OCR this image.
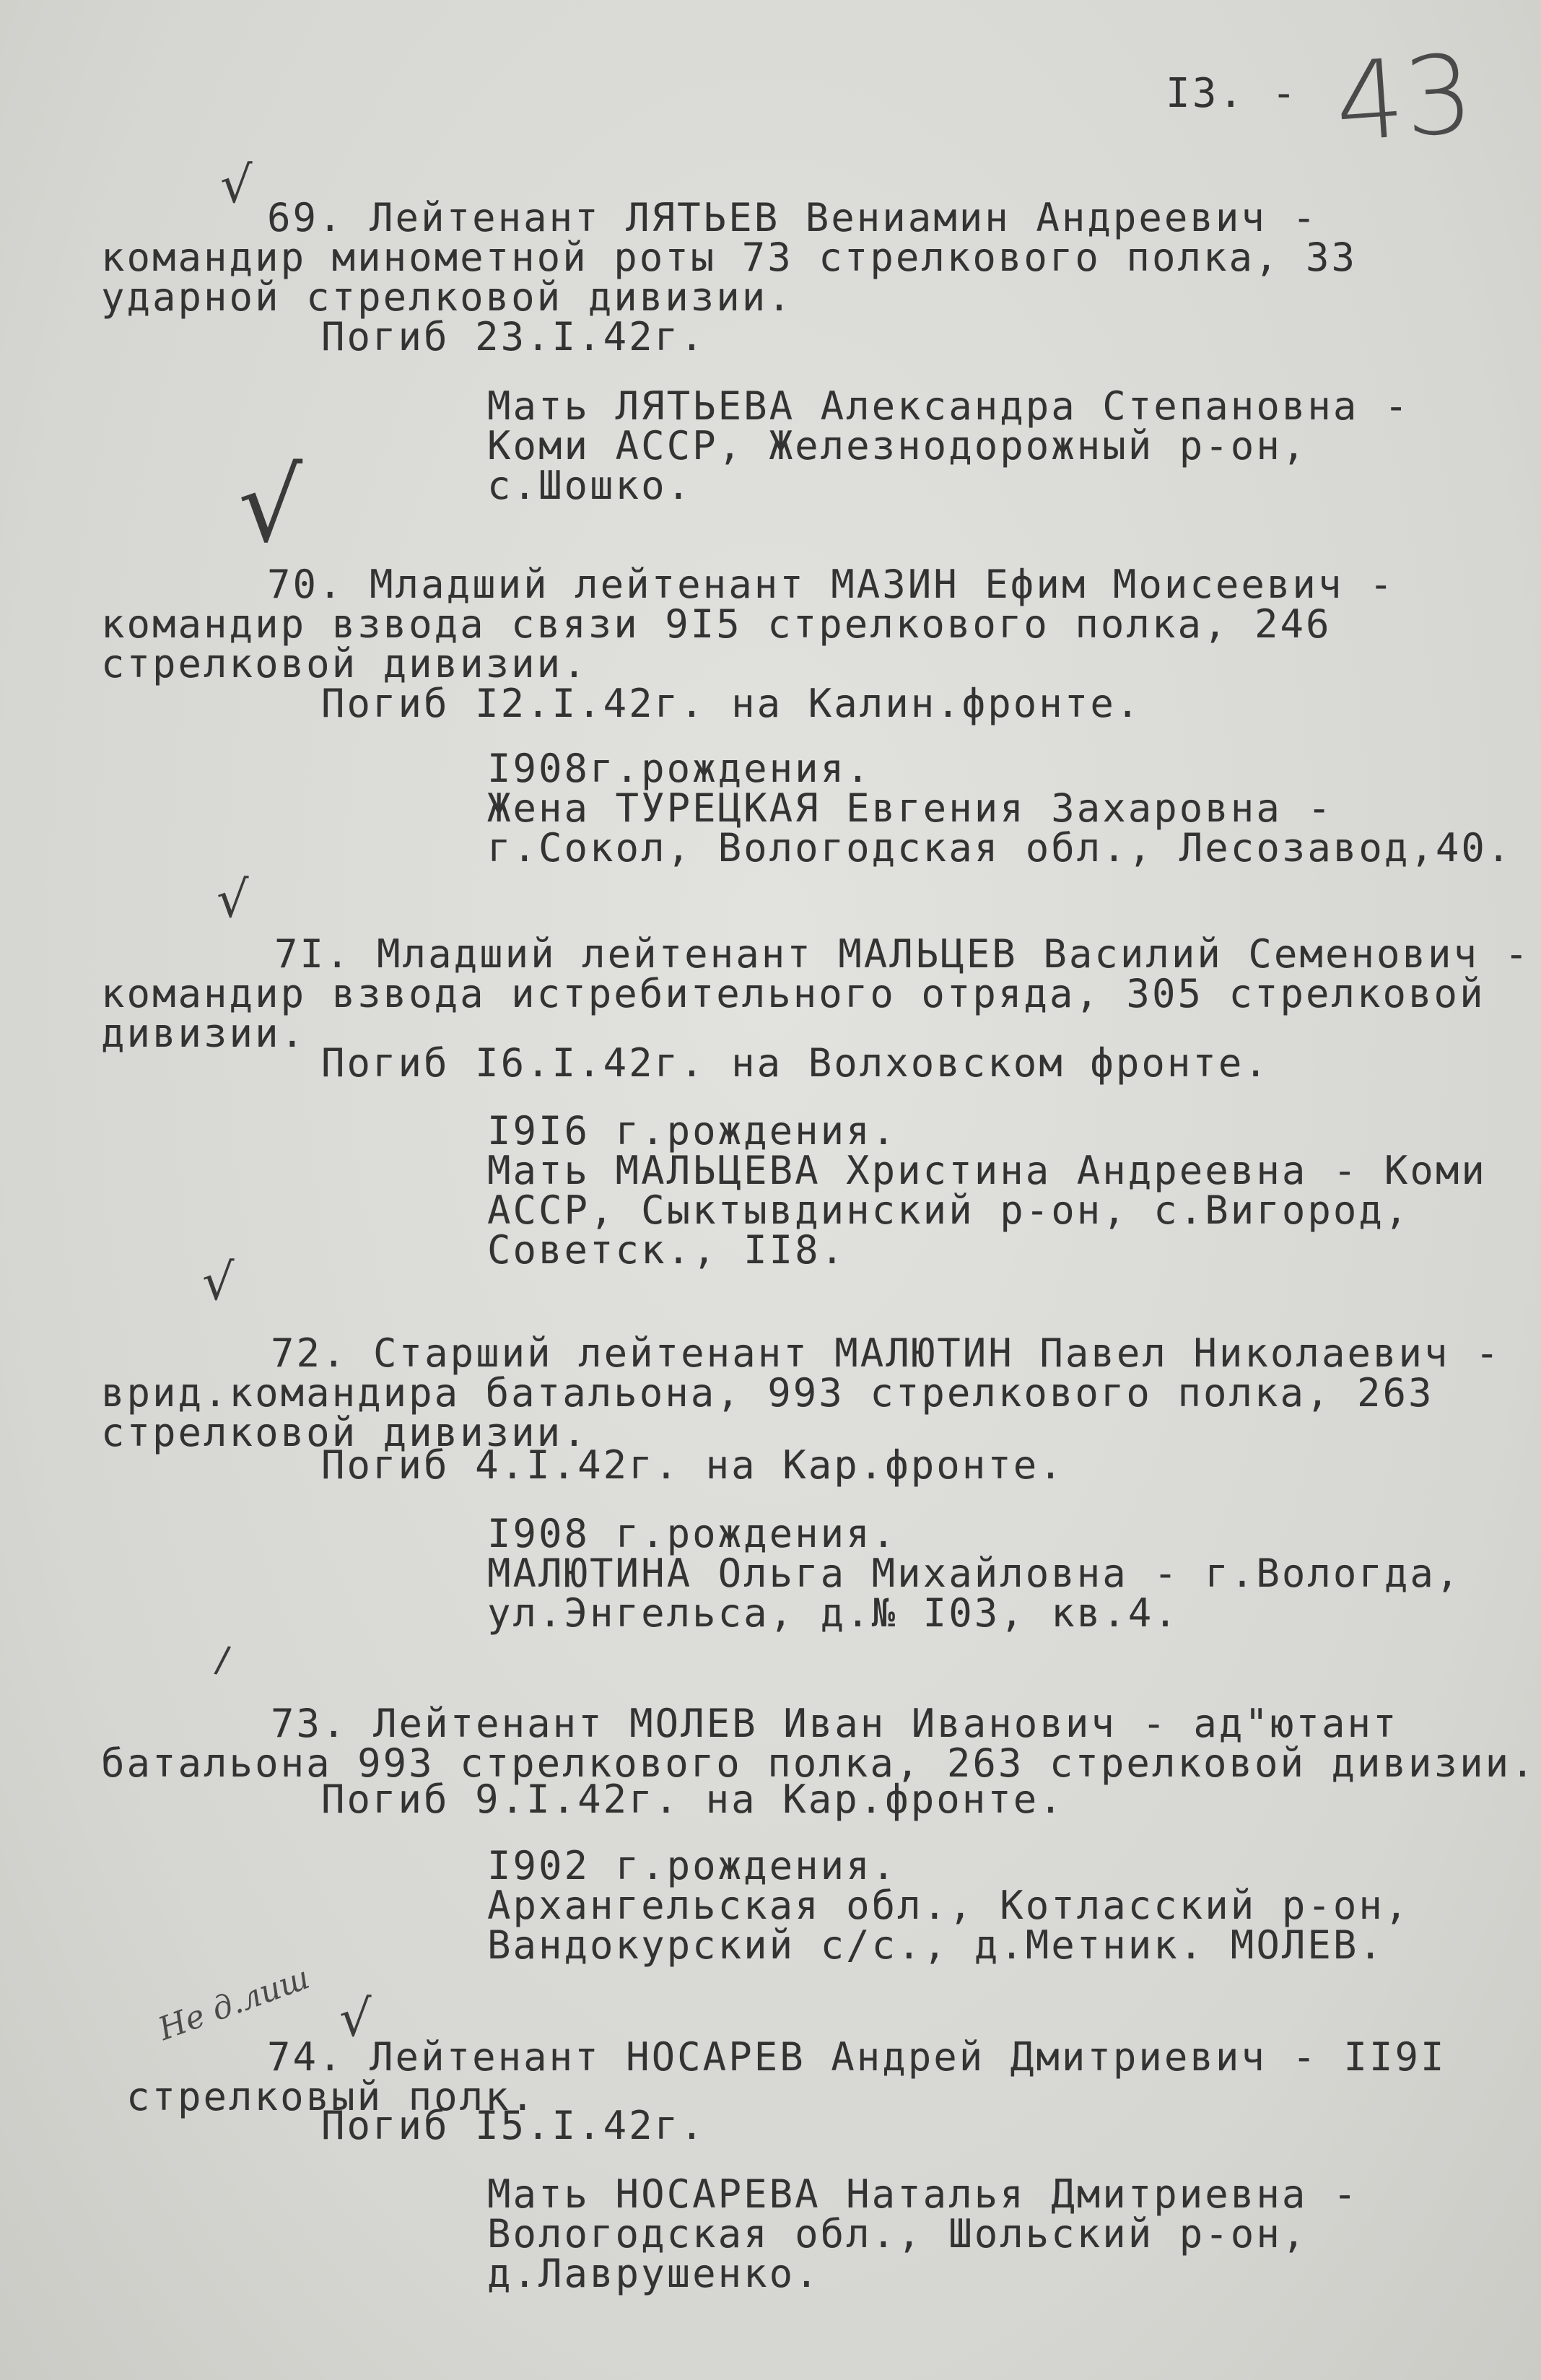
I3. - 43
√
69. Лейтенант ЛЯТЬЕВ Вениамин Андреевич -
командир минометной роты 73 стрелкового полка, 33
ударной стрелковой дивизии.
Погиб 23.I.42г.
Мать ЛЯТЬЕВА Александра Степановна -
Коми АССР, Железнодорожный р-он,
с.Шошко.
√
70. Младший лейтенант МАЗИН Ефим Моисеевич -
командир взвода связи 9I5 стрелкового полка, 246
стрелковой дивизии.
Погиб I2.I.42г. на Калин.фронте.
I908г.рождения.
Жена ТУРЕЦКАЯ Евгения Захаровна -
г.Сокол, Вологодская обл., Лесозавод,40.
√
7I. Младший лейтенант МАЛЬЦЕВ Василий Семенович -
командир взвода истребительного отряда, 305 стрелковой
дивизии.
Погиб I6.I.42г. на Волховском фронте.
I9I6 г.рождения.
Мать МАЛЬЦЕВА Христина Андреевна - Коми
АССР, Сыктывдинский р-он, с.Вигород,
Советск., II8.
√
72. Старший лейтенант МАЛЮТИН Павел Николаевич -
врид.командира батальона, 993 стрелкового полка, 263
стрелковой дивизии.
Погиб 4.I.42г. на Кар.фронте.
I908 г.рождения.
МАЛЮТИНА Ольга Михайловна - г.Вологда,
ул.Энгельса, д.№ I03, кв.4.
/
73. Лейтенант МОЛЕВ Иван Иванович - ад"ютант
батальона 993 стрелкового полка, 263 стрелковой дивизии.
Погиб 9.I.42г. на Кар.фронте.
I902 г.рождения.
Архангельская обл., Котласский р-он,
Вандокурский с/с., д.Метник. МОЛЕВ.
Не д.лиш √
74. Лейтенант НОСАРЕВ Андрей Дмитриевич - II9I
стрелковый полк.
Погиб I5.I.42г.
Мать НОСАРЕВА Наталья Дмитриевна -
Вологодская обл., Шольский р-он,
д.Лаврушенко.
